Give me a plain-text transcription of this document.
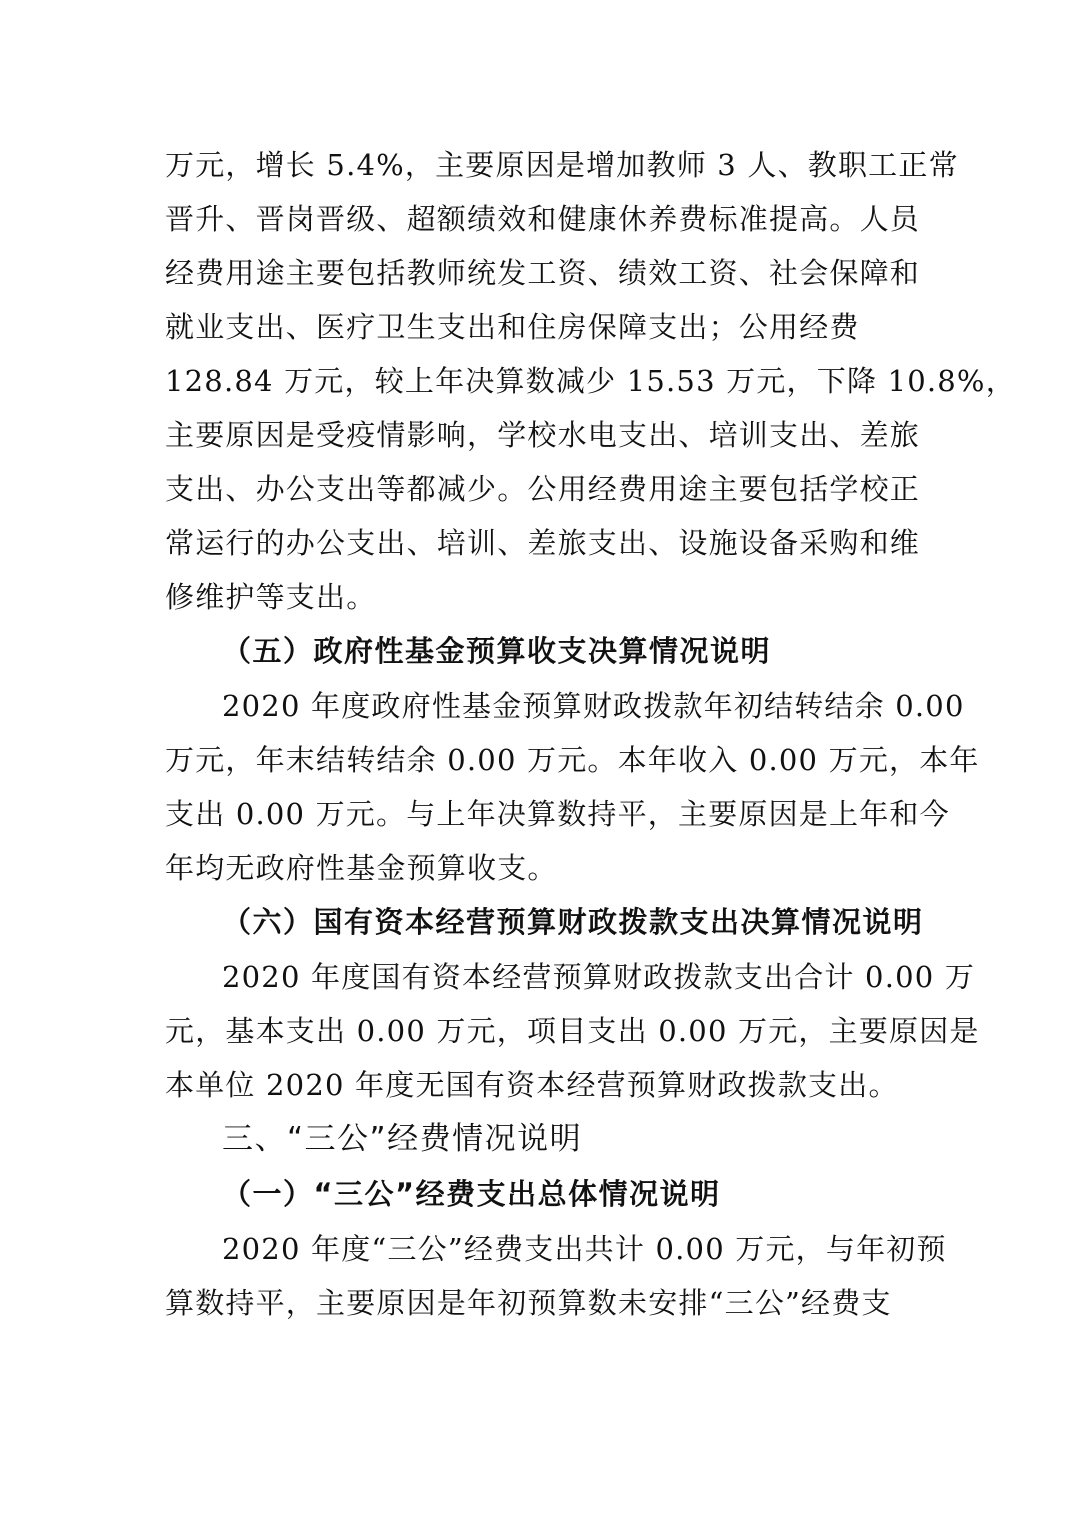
万元，增长 5.4%，主要原因是增加教师 3 人、教职工正常
晋升、晋岗晋级、超额绩效和健康休养费标准提高。人员
经费用途主要包括教师统发工资、绩效工资、社会保障和
就业支出、医疗卫生支出和住房保障支出；公用经费
128.84 万元，较上年决算数减少 15.53 万元，下降 10.8%，
主要原因是受疫情影响，学校水电支出、培训支出、差旅
支出、办公支出等都减少。公用经费用途主要包括学校正
常运行的办公支出、培训、差旅支出、设施设备采购和维
修维护等支出。
（五）政府性基金预算收支决算情况说明
2020 年度政府性基金预算财政拨款年初结转结余 0.00
万元，年末结转结余 0.00 万元。本年收入 0.00 万元，本年
支出 0.00 万元。与上年决算数持平，主要原因是上年和今
年均无政府性基金预算收支。
（六）国有资本经营预算财政拨款支出决算情况说明
2020 年度国有资本经营预算财政拨款支出合计 0.00 万
元，基本支出 0.00 万元，项目支出 0.00 万元，主要原因是
本单位 2020 年度无国有资本经营预算财政拨款支出。
三、“三公”经费情况说明
（一）“三公”经费支出总体情况说明
2020 年度“三公”经费支出共计 0.00 万元，与年初预
算数持平，主要原因是年初预算数未安排“三公”经费支
